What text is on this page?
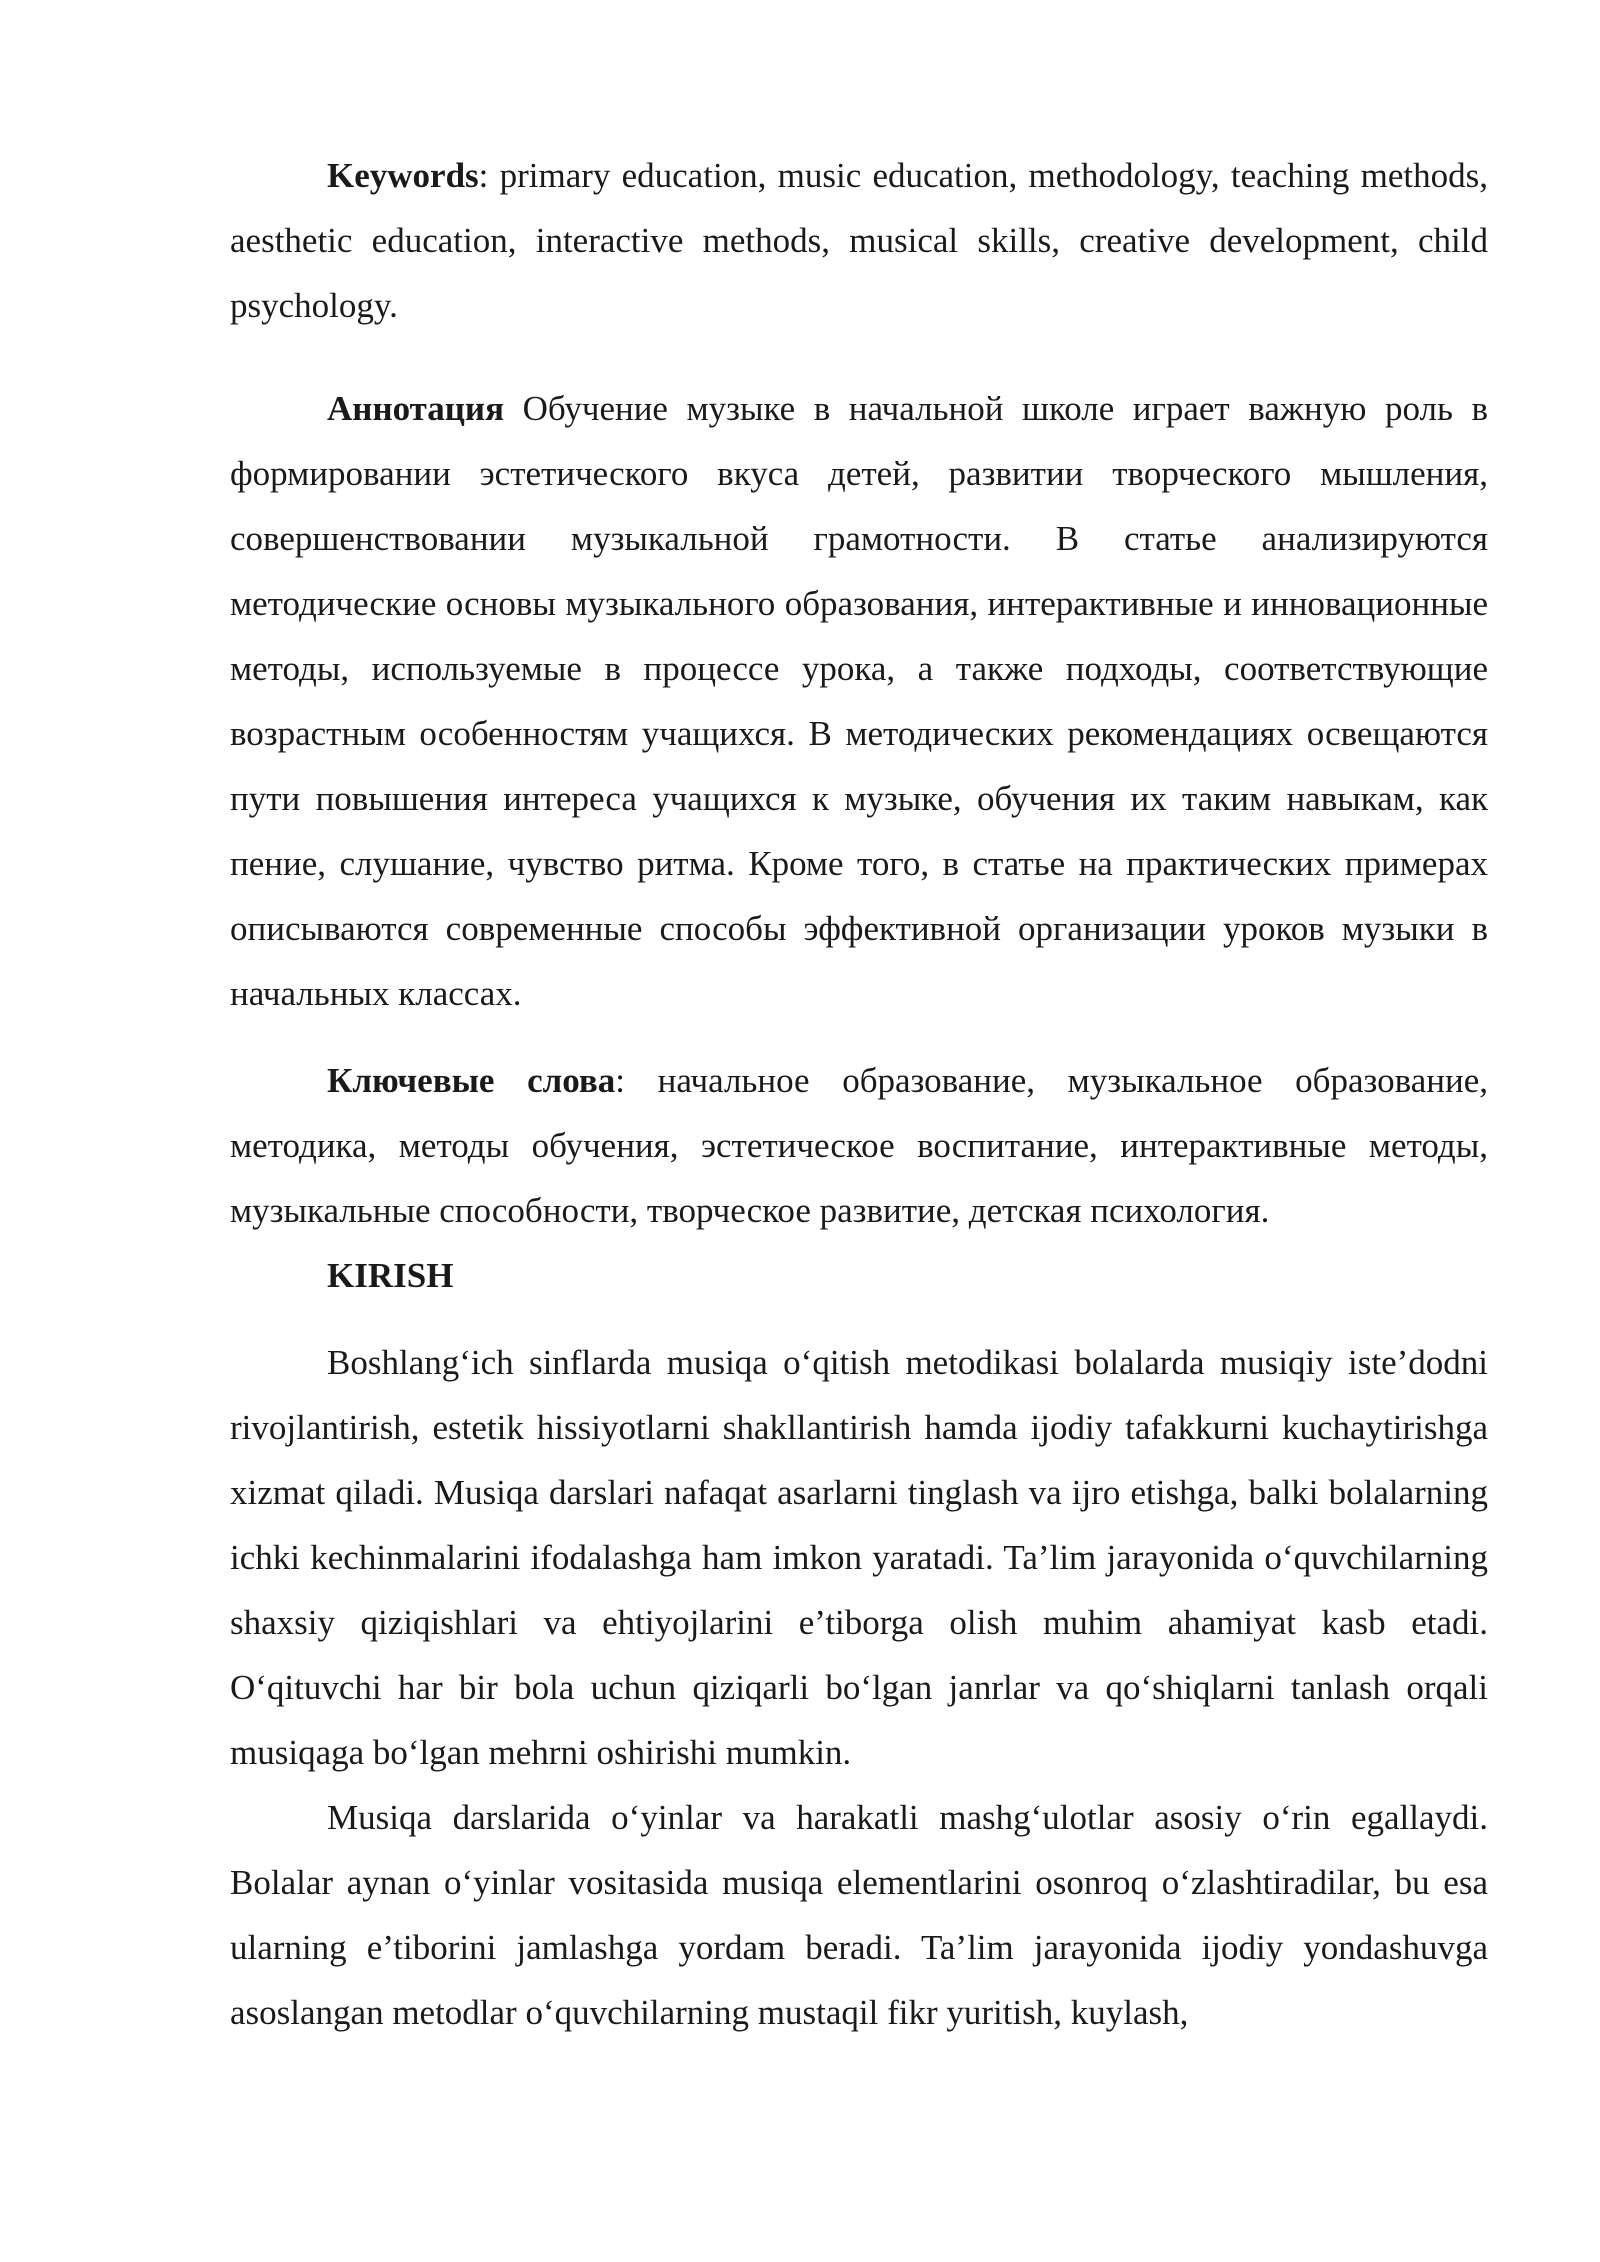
Keywords: primary education, music education, methodology, teaching methods, aesthetic education, interactive methods, musical skills, creative development, child psychology.

Аннотация Обучение музыке в начальной школе играет важную роль в формировании эстетического вкуса детей, развитии творческого мышления, совершенствовании музыкальной грамотности. В статье анализируются методические основы музыкального образования, интерактивные и инновационные методы, используемые в процессе урока, а также подходы, соответствующие возрастным особенностям учащихся. В методических рекомендациях освещаются пути повышения интереса учащихся к музыке, обучения их таким навыкам, как пение, слушание, чувство ритма. Кроме того, в статье на практических примерах описываются современные способы эффективной организации уроков музыки в начальных классах.

Ключевые слова: начальное образование, музыкальное образование, методика, методы обучения, эстетическое воспитание, интерактивные методы, музыкальные способности, творческое развитие, детская психология.

KIRISH

Boshlang‘ich sinflarda musiqa o‘qitish metodikasi bolalarda musiqiy iste’dodni rivojlantirish, estetik hissiyotlarni shakllantirish hamda ijodiy tafakkurni kuchaytirishga xizmat qiladi. Musiqa darslari nafaqat asarlarni tinglash va ijro etishga, balki bolalarning ichki kechinmalarini ifodalashga ham imkon yaratadi. Ta’lim jarayonida o‘quvchilarning shaxsiy qiziqishlari va ehtiyojlarini e’tiborga olish muhim ahamiyat kasb etadi. O‘qituvchi har bir bola uchun qiziqarli bo‘lgan janrlar va qo‘shiqlarni tanlash orqali musiqaga bo‘lgan mehrni oshirishi mumkin.

Musiqa darslarida o‘yinlar va harakatli mashg‘ulotlar asosiy o‘rin egallaydi. Bolalar aynan o‘yinlar vositasida musiqa elementlarini osonroq o‘zlashtiradilar, bu esa ularning e’tiborini jamlashga yordam beradi. Ta’lim jarayonida ijodiy yondashuvga asoslangan metodlar o‘quvchilarning mustaqil fikr yuritish, kuylash,
